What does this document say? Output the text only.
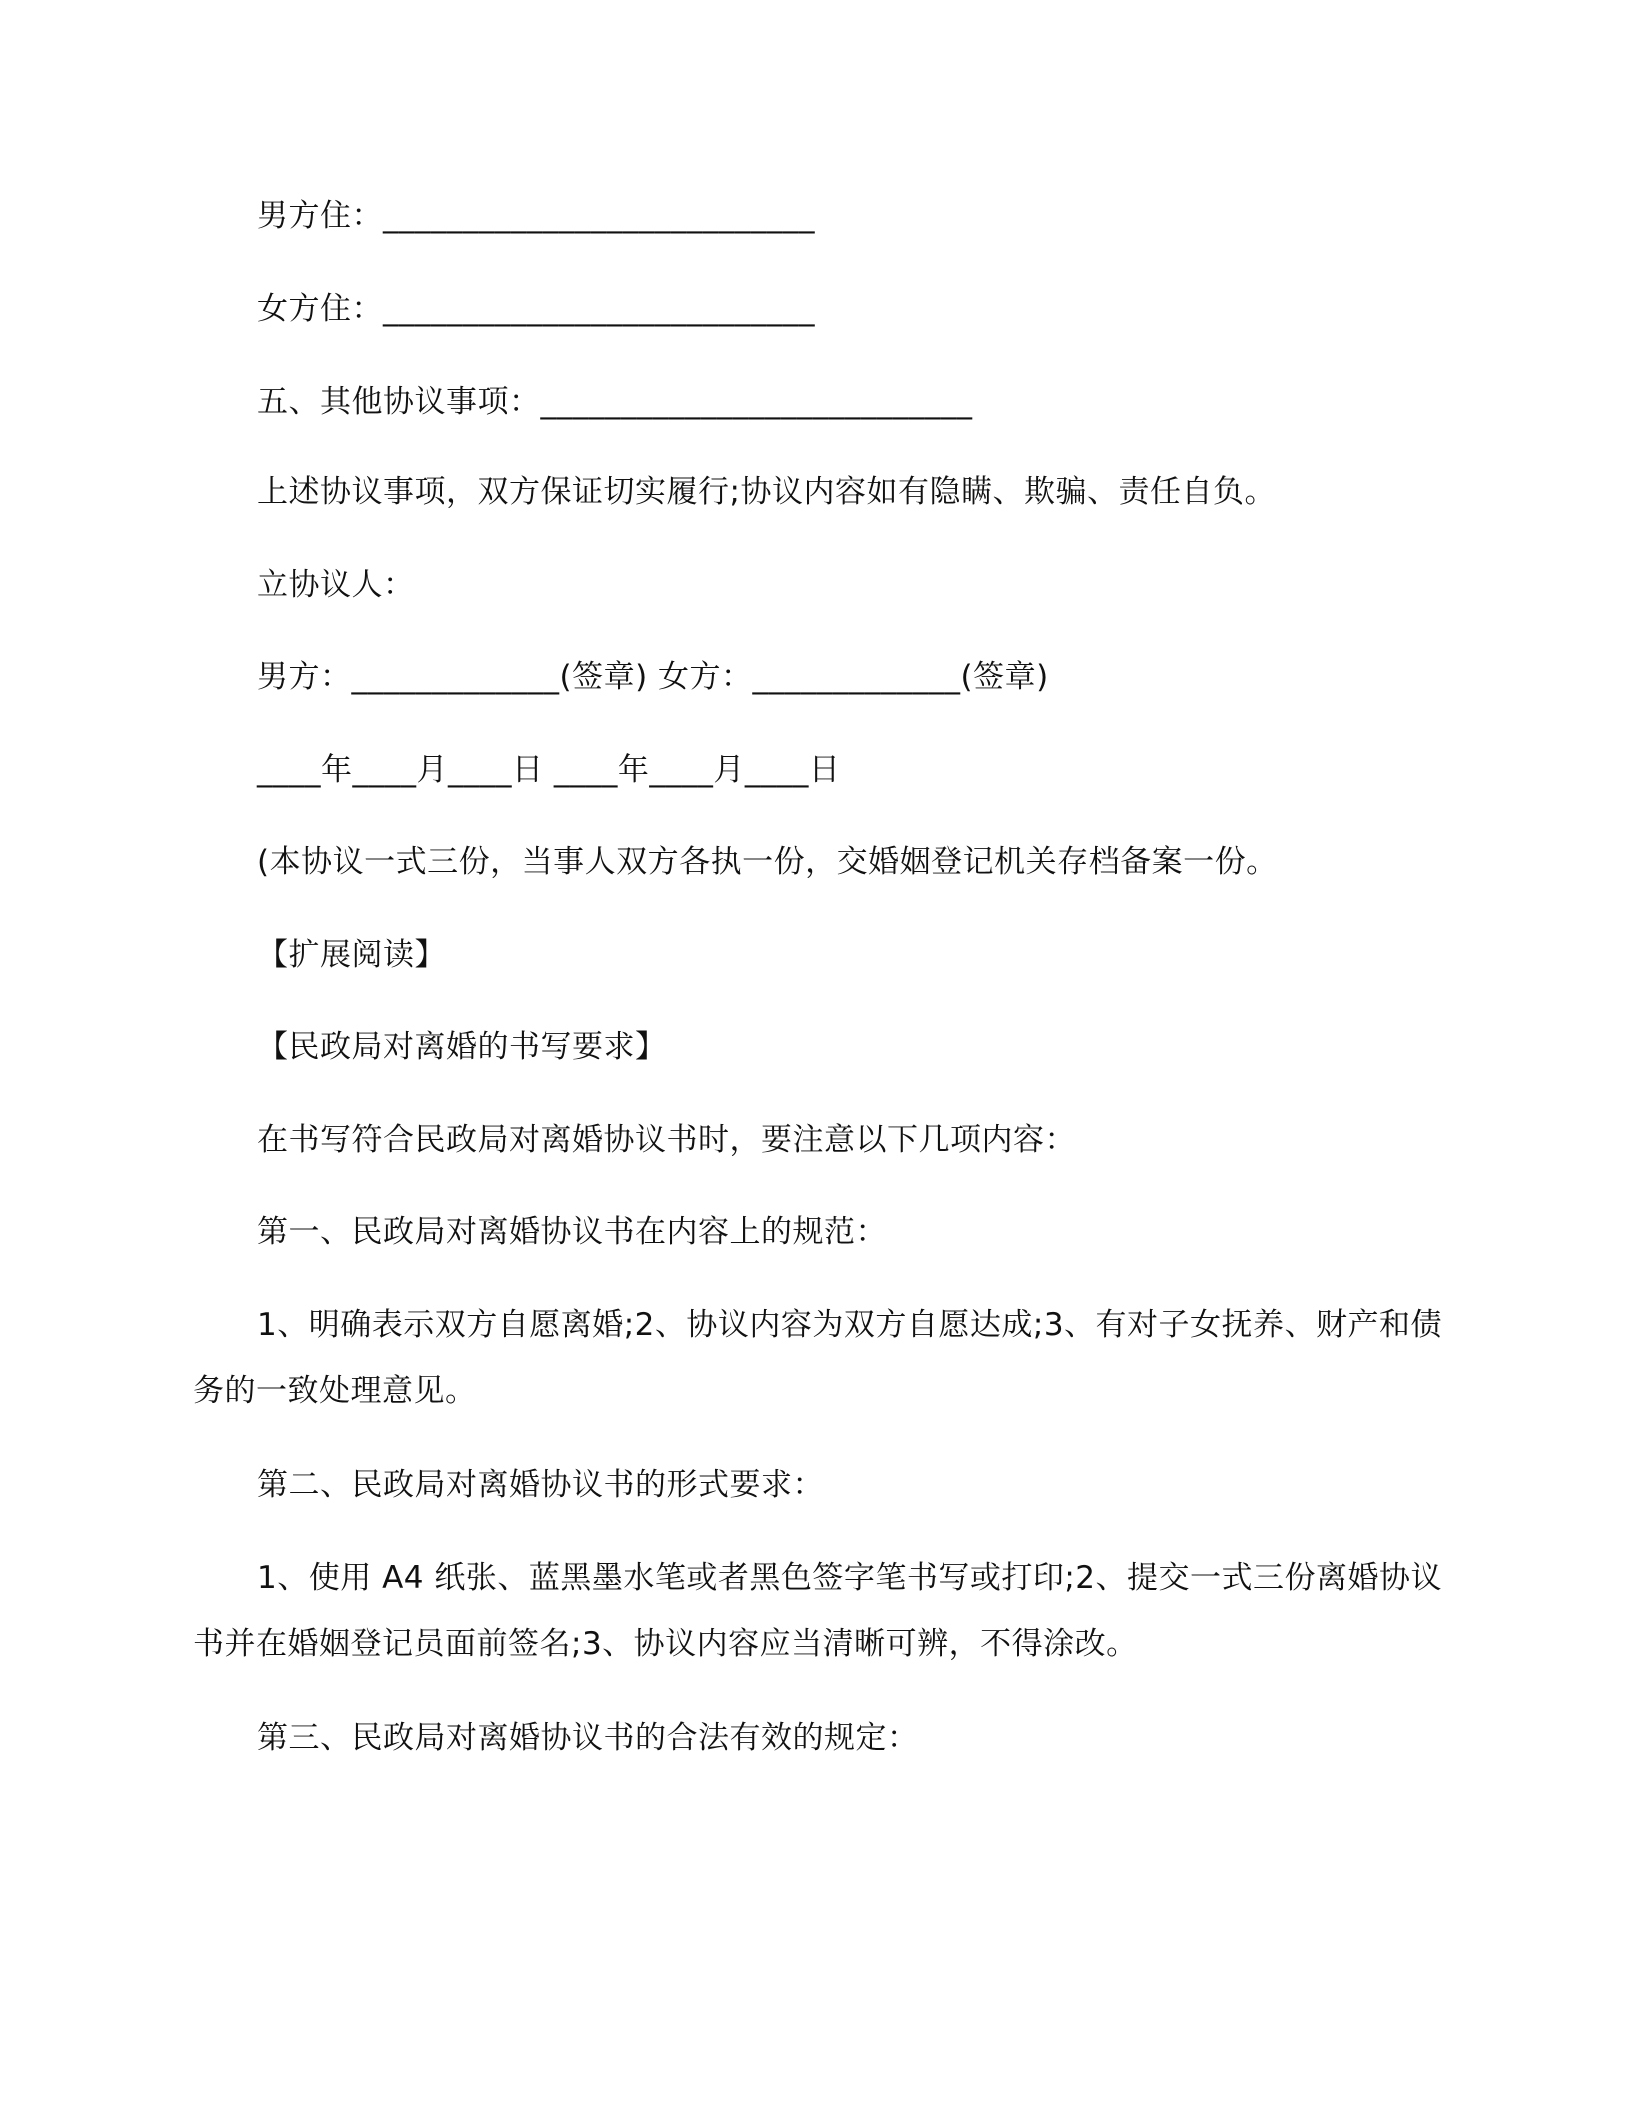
男方住：___________________________
女方住：___________________________
五、其他协议事项：___________________________
上述协议事项，双方保证切实履行;协议内容如有隐瞒、欺骗、责任自负。
立协议人：
男方：_____________(签章) 女方：_____________(签章)
____年____月____日 ____年____月____日
(本协议一式三份，当事人双方各执一份，交婚姻登记机关存档备案一份。
【扩展阅读】
【民政局对离婚的书写要求】
在书写符合民政局对离婚协议书时，要注意以下几项内容：
第一、民政局对离婚协议书在内容上的规范：
1、明确表示双方自愿离婚;2、协议内容为双方自愿达成;3、有对子女抚养、财产和债务的一致处理意见。
第二、民政局对离婚协议书的形式要求：
1、使用 A4 纸张、蓝黑墨水笔或者黑色签字笔书写或打印;2、提交一式三份离婚协议书并在婚姻登记员面前签名;3、协议内容应当清晰可辨，不得涂改。
第三、民政局对离婚协议书的合法有效的规定：
